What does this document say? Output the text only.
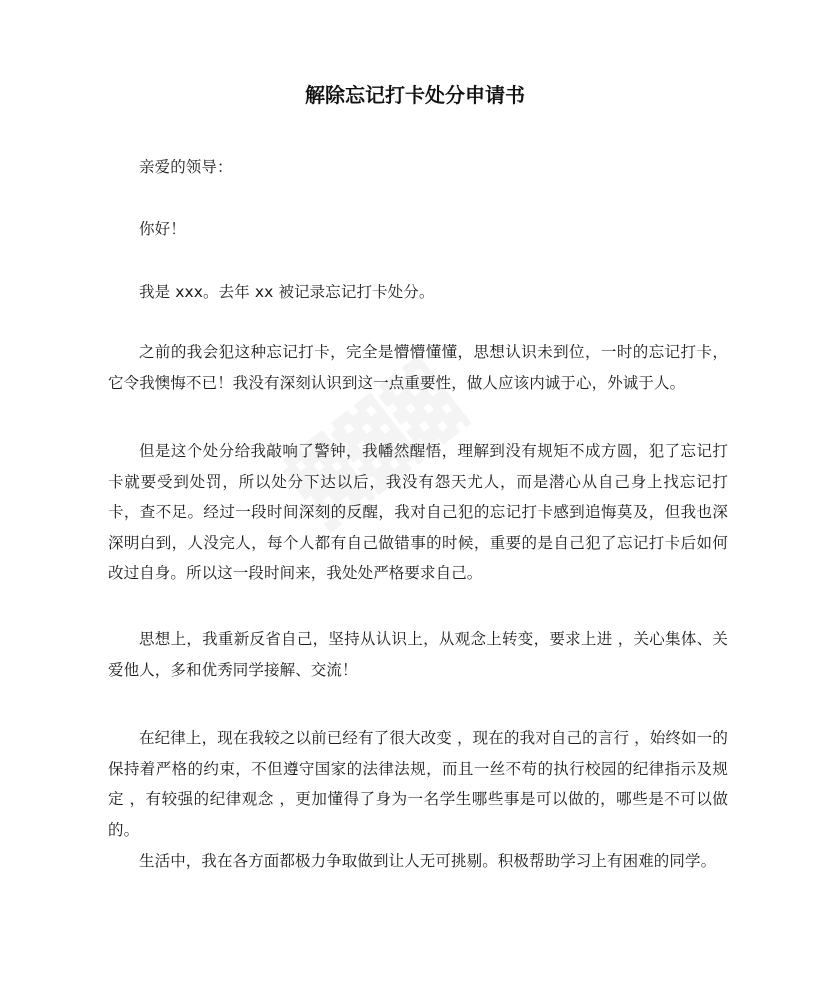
解除忘记打卡处分申请书

亲爱的领导：

你好！

我是 xxx。去年 xx 被记录忘记打卡处分。

之前的我会犯这种忘记打卡，完全是懵懵懂懂，思想认识未到位，一时的忘记打卡，它令我懊悔不已！我没有深刻认识到这一点重要性，做人应该内诚于心，外诚于人。

但是这个处分给我敲响了警钟，我幡然醒悟，理解到没有规矩不成方圆，犯了忘记打卡就要受到处罚，所以处分下达以后，我没有怨天尤人，而是潜心从自己身上找忘记打卡，查不足。经过一段时间深刻的反醒，我对自己犯的忘记打卡感到追悔莫及，但我也深深明白到，人没完人，每个人都有自己做错事的时候，重要的是自己犯了忘记打卡后如何改过自身。所以这一段时间来，我处处严格要求自己。

思想上，我重新反省自己，坚持从认识上，从观念上转变，要求上进 ，关心集体、关爱他人，多和优秀同学接解、交流！

在纪律上，现在我较之以前已经有了很大改变 ，现在的我对自己的言行 ，始终如一的保持着严格的约束，不但遵守国家的法律法规，而且一丝不苟的执行校园的纪律指示及规定 ，有较强的纪律观念 ，更加懂得了身为一名学生哪些事是可以做的，哪些是不可以做的。

生活中，我在各方面都极力争取做到让人无可挑剔。积极帮助学习上有困难的同学。
